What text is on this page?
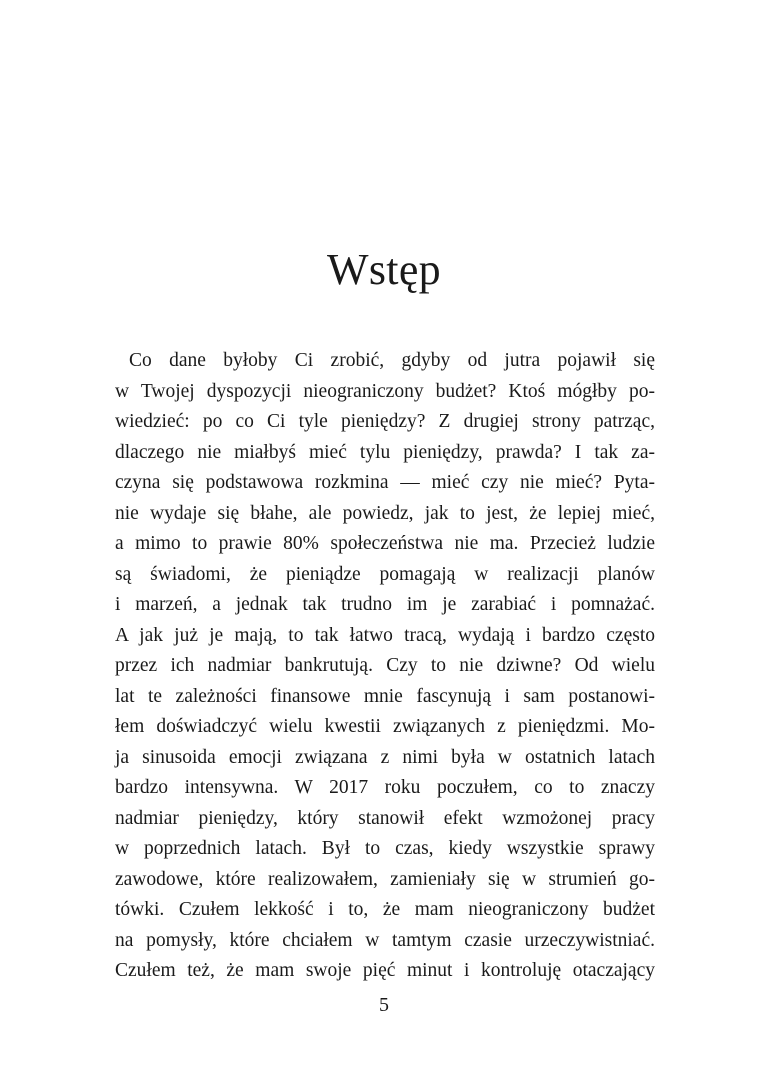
Wstęp
Co dane byłoby Ci zrobić, gdyby od jutra pojawił się
w Twojej dyspozycji nieograniczony budżet? Ktoś mógłby po-
wiedzieć: po co Ci tyle pieniędzy? Z drugiej strony patrząc,
dlaczego nie miałbyś mieć tylu pieniędzy, prawda? I tak za-
czyna się podstawowa rozkmina — mieć czy nie mieć? Pyta-
nie wydaje się błahe, ale powiedz, jak to jest, że lepiej mieć,
a mimo to prawie 80% społeczeństwa nie ma. Przecież ludzie
są świadomi, że pieniądze pomagają w realizacji planów
i marzeń, a jednak tak trudno im je zarabiać i pomnażać.
A jak już je mają, to tak łatwo tracą, wydają i bardzo często
przez ich nadmiar bankrutują. Czy to nie dziwne? Od wielu
lat te zależności finansowe mnie fascynują i sam postanowi-
łem doświadczyć wielu kwestii związanych z pieniędzmi. Mo-
ja sinusoida emocji związana z nimi była w ostatnich latach
bardzo intensywna. W 2017 roku poczułem, co to znaczy
nadmiar pieniędzy, który stanowił efekt wzmożonej pracy
w poprzednich latach. Był to czas, kiedy wszystkie sprawy
zawodowe, które realizowałem, zamieniały się w strumień go-
tówki. Czułem lekkość i to, że mam nieograniczony budżet
na pomysły, które chciałem w tamtym czasie urzeczywistniać.
Czułem też, że mam swoje pięć minut i kontroluję otaczający
5
